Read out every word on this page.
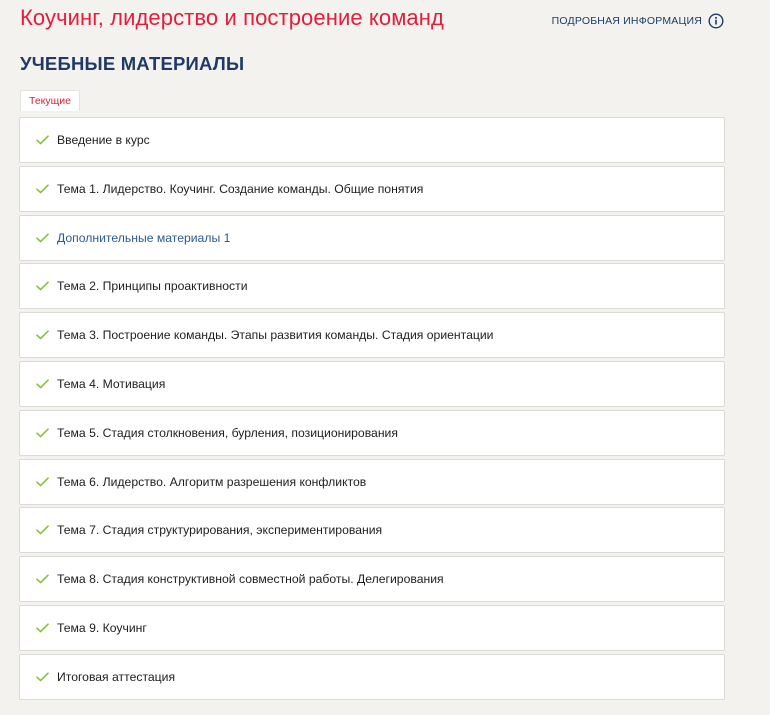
Коучинг, лидерство и построение команд	ПОДРОБНАЯ ИНФОРМАЦИЯ
УЧЕБНЫЕ МАТЕРИАЛЫ
Текущие
Введение в курс
Тема 1. Лидерство. Коучинг. Создание команды. Общие понятия
Дополнительные материалы 1
Тема 2. Принципы проактивности
Тема 3. Построение команды. Этапы развития команды. Стадия ориентации
Тема 4. Мотивация
Тема 5. Стадия столкновения, бурления, позиционирования
Тема 6. Лидерство. Алгоритм разрешения конфликтов
Тема 7. Стадия структурирования, экспериментирования
Тема 8. Стадия конструктивной совместной работы. Делегирования
Тема 9. Коучинг
Итоговая аттестация
